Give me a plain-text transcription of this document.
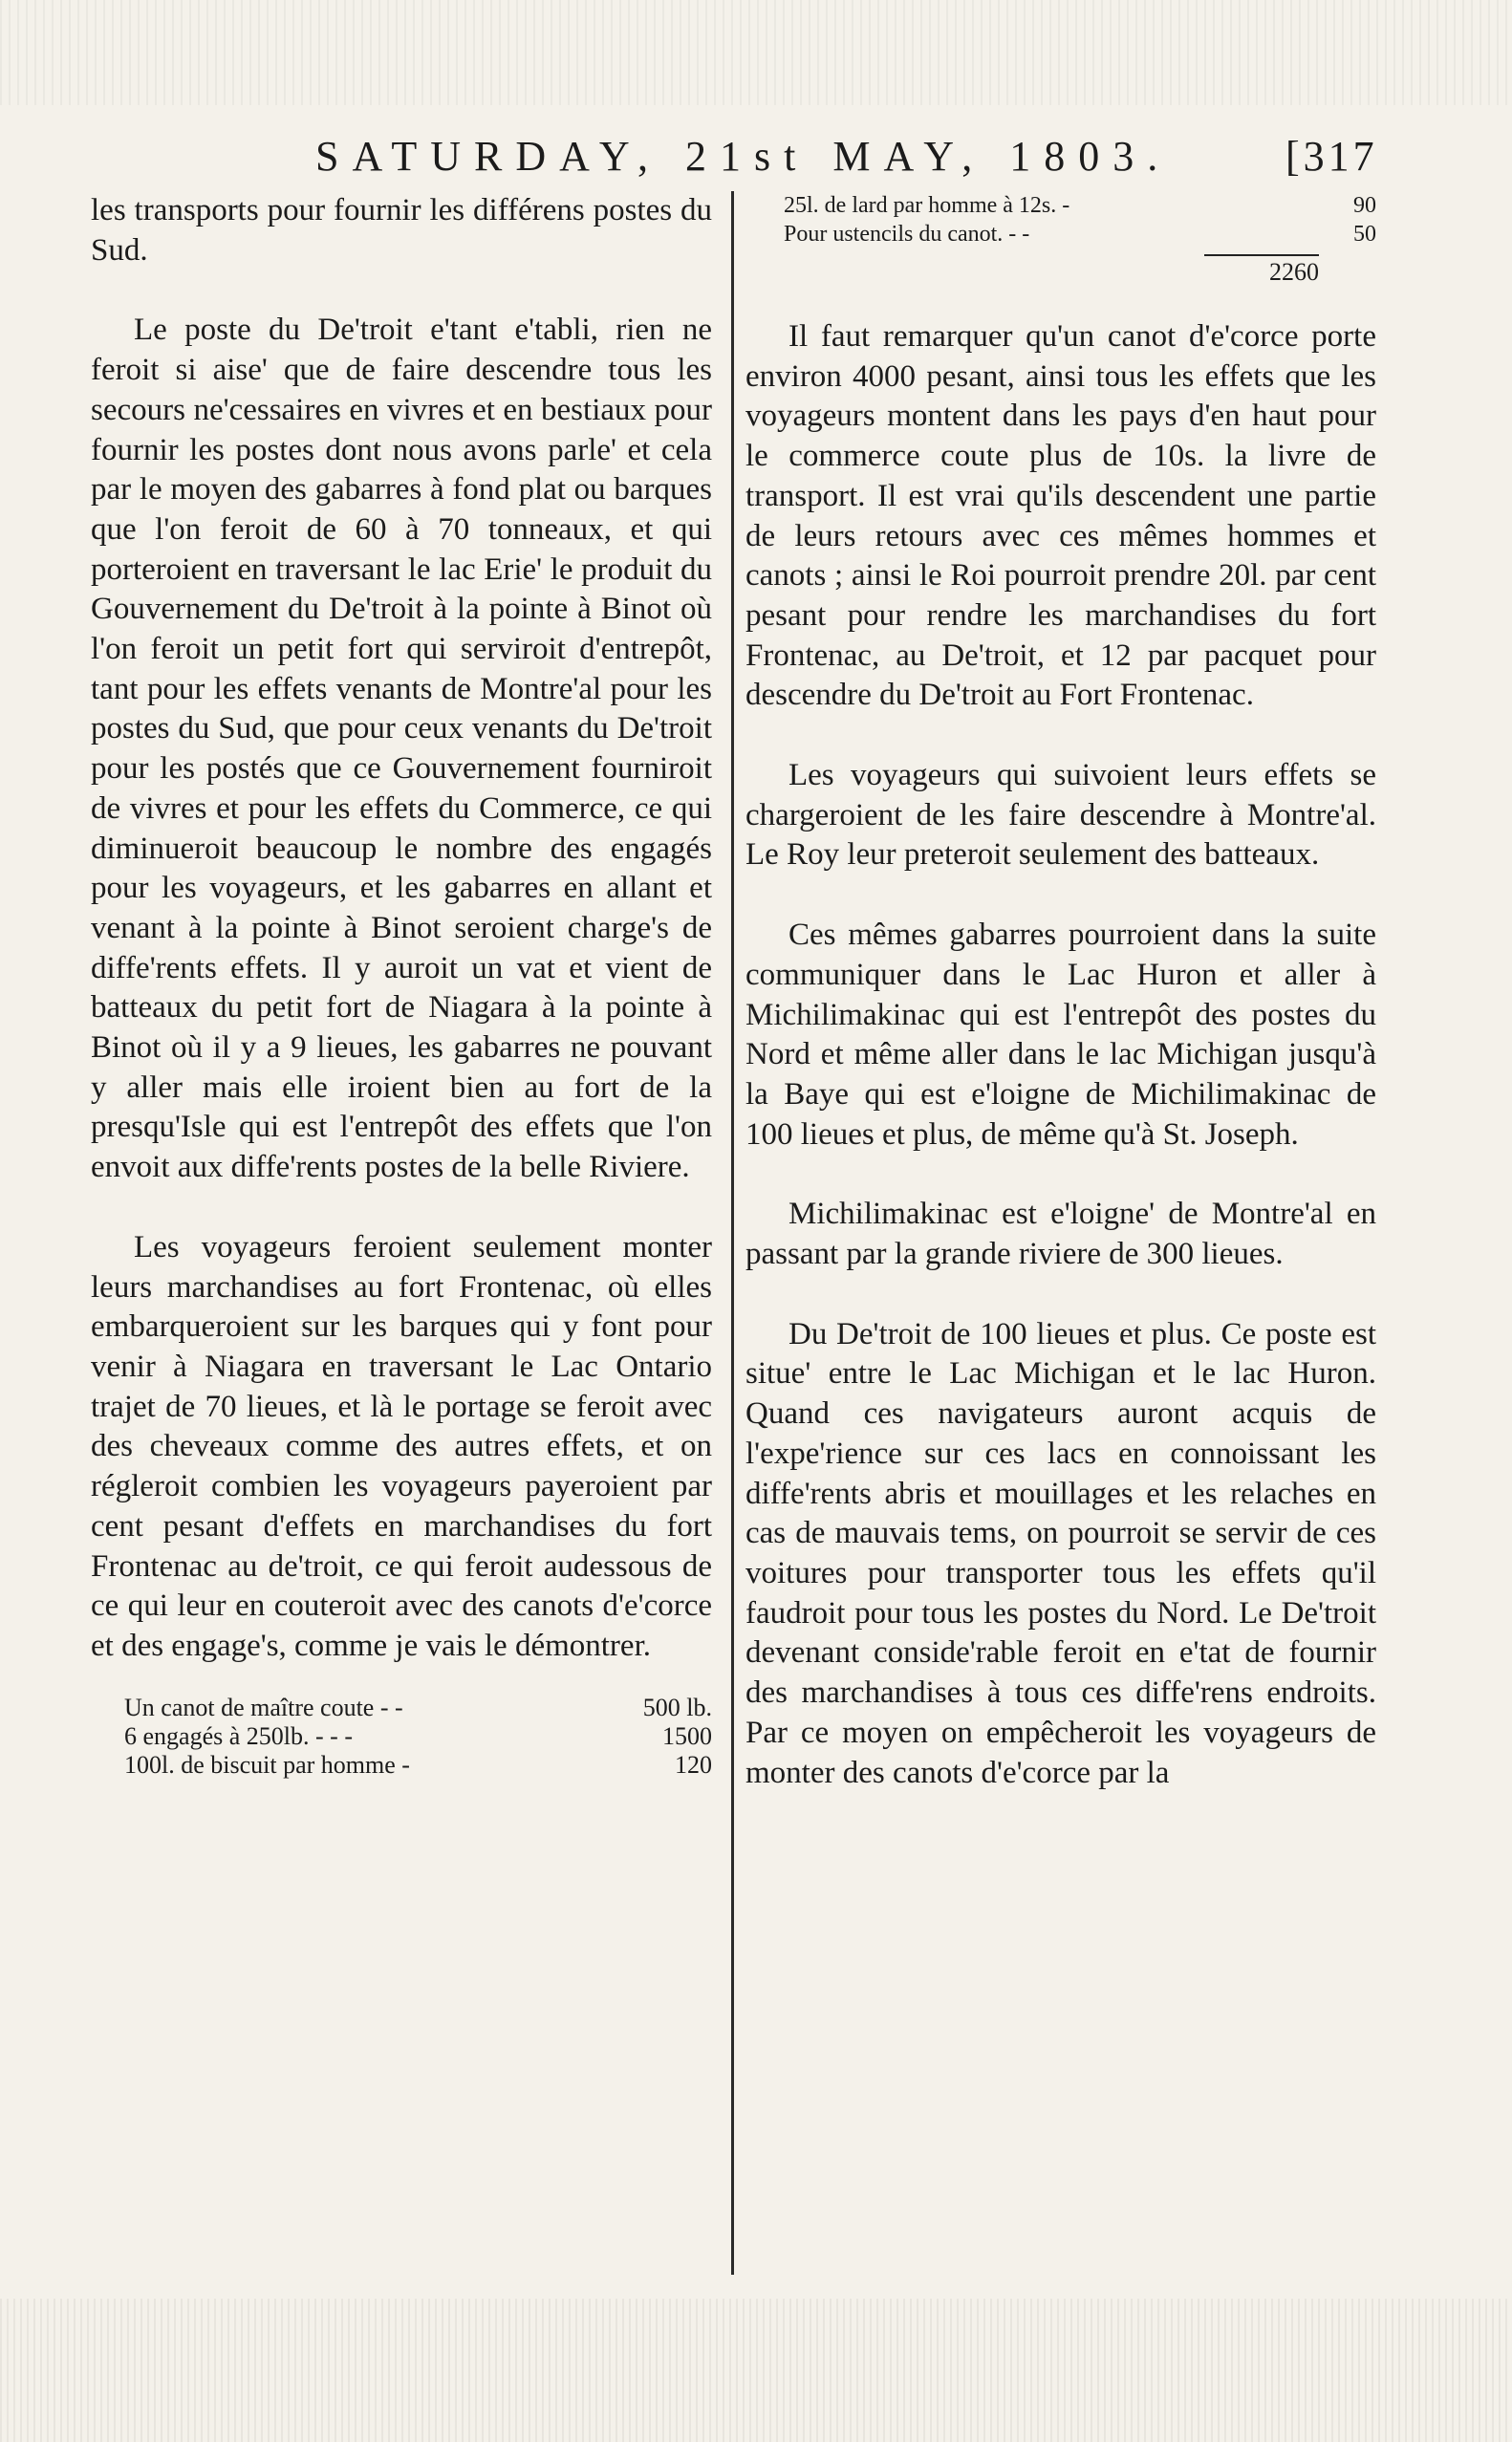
SATURDAY, 21st MAY, 1803.	[317

les transports pour fournir les différens postes du Sud.

Le poste du De'troit e'tant e'tabli, rien ne feroit si aise' que de faire descendre tous les secours ne'cessaires en vivres et en bestiaux pour fournir les postes dont nous avons parle' et cela par le moyen des gabarres à fond plat ou barques que l'on feroit de 60 à 70 tonneaux, et qui porteroient en traversant le lac Erie' le produit du Gouvernement du De'troit à la pointe à Binot où l'on feroit un petit fort qui serviroit d'entrepôt, tant pour les effets venants de Montre'al pour les postes du Sud, que pour ceux venants du De'troit pour les postés que ce Gouvernement fourniroit de vivres et pour les effets du Commerce, ce qui diminueroit beaucoup le nombre des engagés pour les voyageurs, et les gabarres en allant et venant à la pointe à Binot seroient charge's de diffe'rents effets. Il y auroit un vat et vient de batteaux du petit fort de Niagara à la pointe à Binot où il y a 9 lieues, les gabarres ne pouvant y aller mais elle iroient bien au fort de la presqu'Isle qui est l'entrepôt des effets que l'on envoit aux diffe'rents postes de la belle Riviere.

Les voyageurs feroient seulement monter leurs marchandises au fort Frontenac, où elles embarqueroient sur les barques qui y font pour venir à Niagara en traversant le Lac Ontario trajet de 70 lieues, et là le portage se feroit avec des cheveaux comme des autres effets, et on régleroit combien les voyageurs payeroient par cent pesant d'effets en marchandises du fort Frontenac au de'troit, ce qui feroit audessous de ce qui leur en couteroit avec des canots d'e'corce et des engage's, comme je vais le démontrer.

Un canot de maître coute - -	500 lb.
6 engagés à 250lb. - - -	1500
100l. de biscuit par homme -	120
25l. de lard par homme à 12s. -	90
Pour ustencils du canot. - -	50
2260

Il faut remarquer qu'un canot d'e'corce porte environ 4000 pesant, ainsi tous les effets que les voyageurs montent dans les pays d'en haut pour le commerce coute plus de 10s. la livre de transport. Il est vrai qu'ils descendent une partie de leurs retours avec ces mêmes hommes et canots ; ainsi le Roi pourroit prendre 20l. par cent pesant pour rendre les marchandises du fort Frontenac, au De'troit, et 12 par pacquet pour descendre du De'troit au Fort Frontenac.

Les voyageurs qui suivoient leurs effets se chargeroient de les faire descendre à Montre'al. Le Roy leur preteroit seulement des batteaux.

Ces mêmes gabarres pourroient dans la suite communiquer dans le Lac Huron et aller à Michilimakinac qui est l'entrepôt des postes du Nord et même aller dans le lac Michigan jusqu'à la Baye qui est e'loigne de Michilimakinac de 100 lieues et plus, de même qu'à St. Joseph.

Michilimakinac est e'loigne' de Montre'al en passant par la grande riviere de 300 lieues.

Du De'troit de 100 lieues et plus. Ce poste est situe' entre le Lac Michigan et le lac Huron. Quand ces navigateurs auront acquis de l'expe'rience sur ces lacs en connoissant les diffe'rents abris et mouillages et les relaches en cas de mauvais tems, on pourroit se servir de ces voitures pour transporter tous les effets qu'il faudroit pour tous les postes du Nord. Le De'troit devenant conside'rable feroit en e'tat de fournir des marchandises à tous ces diffe'rens endroits. Par ce moyen on empêcheroit les voyageurs de monter des canots d'e'corce par la
